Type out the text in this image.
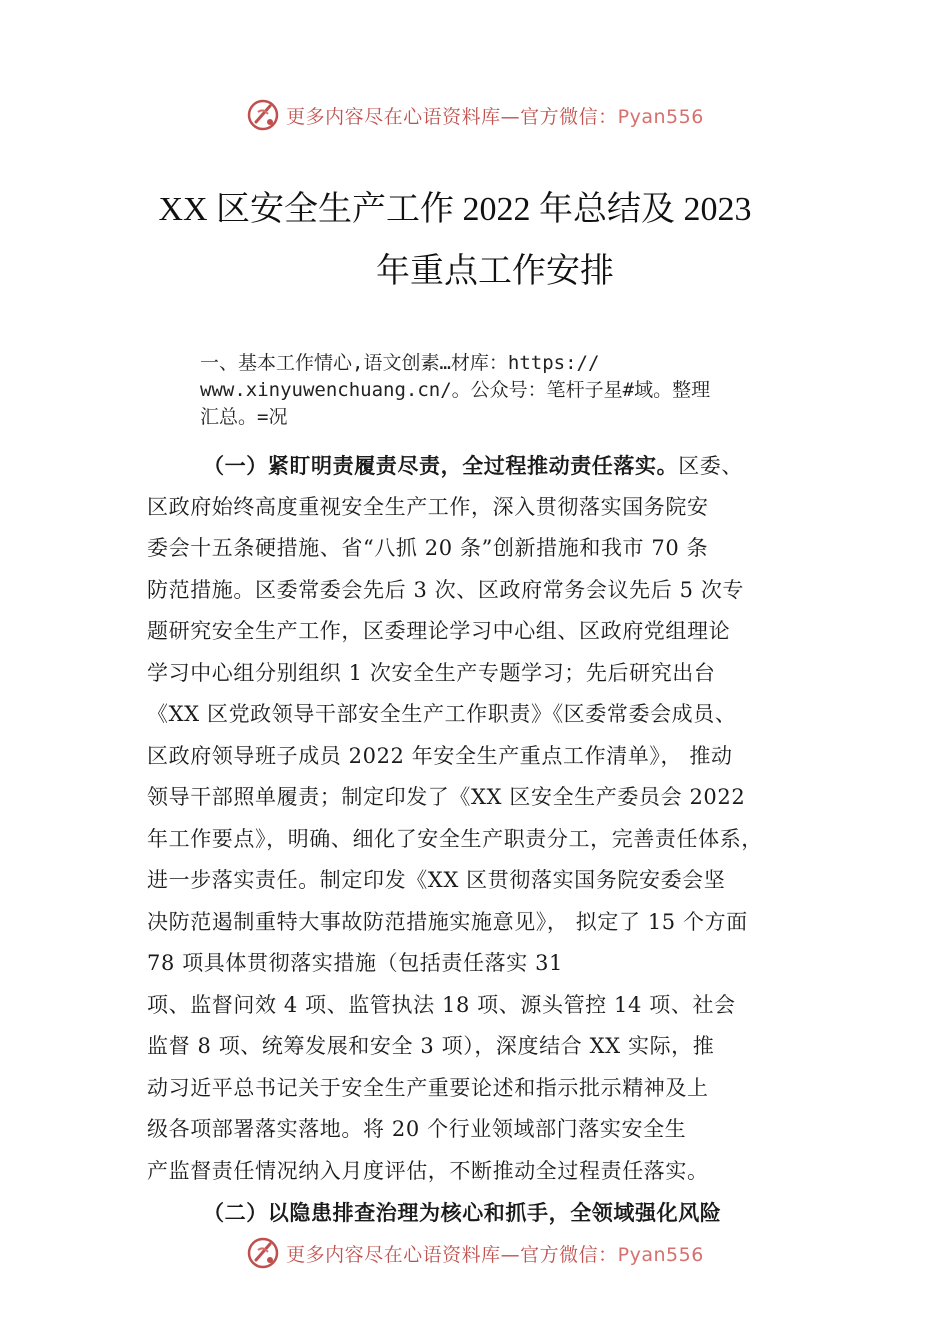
更多内容尽在心语资料库—官方微信：Pyan556
XX 区安全生产工作 2022 年总结及 2023
年重点工作安排
一、基本工作情心,语文创素…材库：https://
www.xinyuwenchuang.cn/。公众号：笔杆子星#域。整理
汇总。=况
（一）紧盯明责履责尽责，全过程推动责任落实。区委、
区政府始终高度重视安全生产工作，深入贯彻落实国务院安
委会十五条硬措施、省“八抓 20 条”创新措施和我市 70 条
防范措施。区委常委会先后 3 次、区政府常务会议先后 5 次专
题研究安全生产工作，区委理论学习中心组、区政府党组理论
学习中心组分别组织 1 次安全生产专题学习；先后研究出台
《XX 区党政领导干部安全生产工作职责》《区委常委会成员、
区政府领导班子成员 2022 年安全生产重点工作清单》， 推动
领导干部照单履责；制定印发了《XX 区安全生产委员会 2022
年工作要点》，明确、细化了安全生产职责分工，完善责任体系，
进一步落实责任。制定印发《XX 区贯彻落实国务院安委会坚
决防范遏制重特大事故防范措施实施意见》， 拟定了 15 个方面
78 项具体贯彻落实措施（包括责任落实 31
项、监督问效 4 项、监管执法 18 项、源头管控 14 项、社会
监督 8 项、统筹发展和安全 3 项），深度结合 XX 实际，推
动习近平总书记关于安全生产重要论述和指示批示精神及上
级各项部署落实落地。将 20 个行业领域部门落实安全生
产监督责任情况纳入月度评估，不断推动全过程责任落实。
（二）以隐患排查治理为核心和抓手，全领域强化风险
更多内容尽在心语资料库—官方微信：Pyan556
